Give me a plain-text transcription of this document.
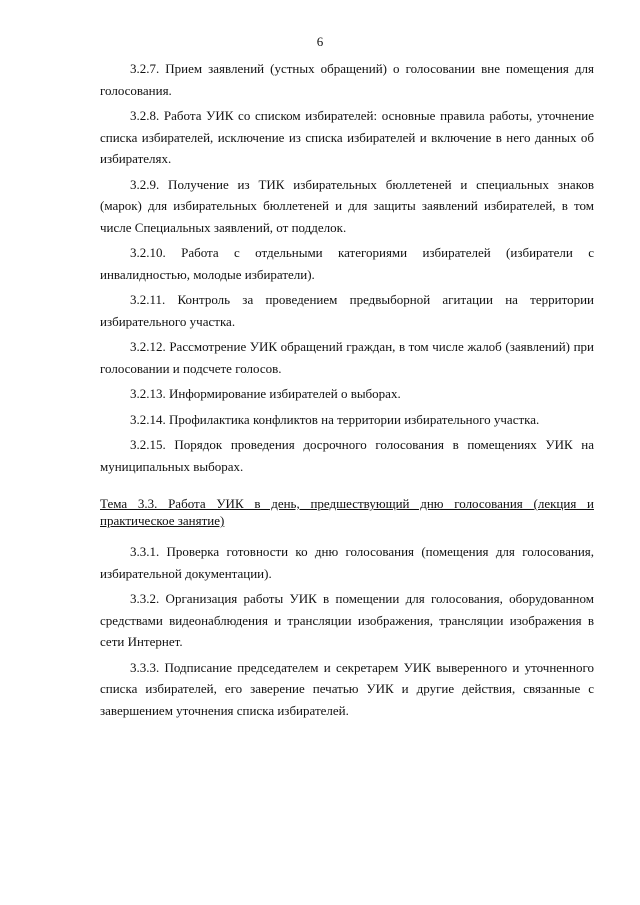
6

3.2.7. Прием заявлений (устных обращений) о голосовании вне помещения для голосования.

3.2.8. Работа УИК со списком избирателей: основные правила работы, уточнение списка избирателей, исключение из списка избирателей и включение в него данных об избирателях.

3.2.9. Получение из ТИК избирательных бюллетеней и специальных знаков (марок) для избирательных бюллетеней и для защиты заявлений избирателей, в том числе Специальных заявлений, от подделок.

3.2.10. Работа с отдельными категориями избирателей (избиратели с инвалидностью, молодые избиратели).

3.2.11. Контроль за проведением предвыборной агитации на территории избирательного участка.

3.2.12. Рассмотрение УИК обращений граждан, в том числе жалоб (заявлений) при голосовании и подсчете голосов.

3.2.13. Информирование избирателей о выборах.

3.2.14. Профилактика конфликтов на территории избирательного участка.

3.2.15. Порядок проведения досрочного голосования в помещениях УИК на муниципальных выборах.

Тема 3.3. Работа УИК в день, предшествующий дню голосования (лекция и практическое занятие)

3.3.1. Проверка готовности ко дню голосования (помещения для голосования, избирательной документации).

3.3.2. Организация работы УИК в помещении для голосования, оборудованном средствами видеонаблюдения и трансляции изображения, трансляции изображения в сети Интернет.

3.3.3. Подписание председателем и секретарем УИК выверенного и уточненного списка избирателей, его заверение печатью УИК и другие действия, связанные с завершением уточнения списка избирателей.
